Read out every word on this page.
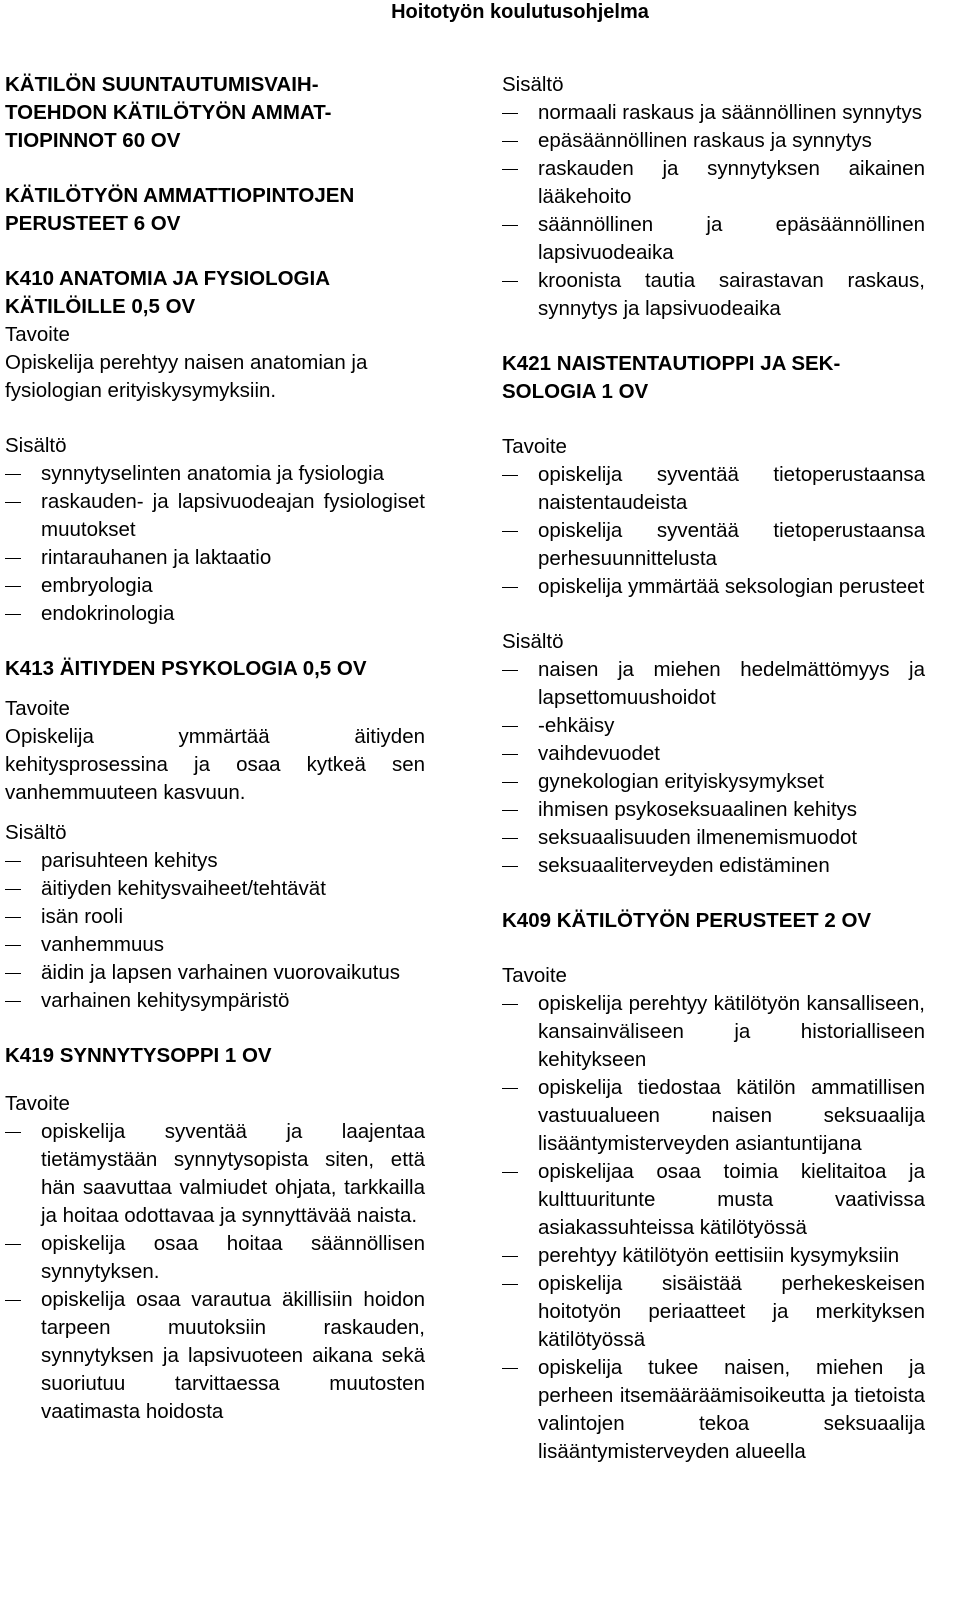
Hoitotyön koulutusohjelma
KÄTILÖN SUUNTAUTUMISVAIH-
TOEHDON KÄTILÖTYÖN AMMAT-
TIOPINNOT 60 OV
KÄTILÖTYÖN AMMATTIOPINTOJEN
PERUSTEET 6 OV
K410 ANATOMIA JA FYSIOLOGIA
KÄTILÖILLE 0,5 OV
Tavoite

Opiskelija perehtyy naisen anatomian ja fysiologian erityiskysymyksiin.

Sisältö
synnytyselinten anatomia ja fysiologia
raskauden- ja lapsivuodeajan fysiologiset muutokset
rintarauhanen ja laktaatio
embryologia
endokrinologia
K413 ÄITIYDEN PSYKOLOGIA 0,5 OV
Tavoite

Opiskelija ymmärtää äitiyden kehitysprosessina ja osaa kytkeä sen vanhemmuuteen kasvuun.

Sisältö
parisuhteen kehitys
äitiyden kehitysvaiheet/tehtävät
isän rooli
vanhemmuus
äidin ja lapsen varhainen vuorovaikutus
varhainen kehitysympäristö
K419 SYNNYTYSOPPI 1 OV
Tavoite
opiskelija syventää ja laajentaa tietämystään synnytysopista siten, että hän saavuttaa valmiudet ohjata, tarkkailla ja hoitaa odottavaa ja synnyttävää naista.
opiskelija osaa hoitaa säännöllisen synnytyksen.
opiskelija osaa varautua äkillisiin hoidon tarpeen muutoksiin raskauden, synnytyksen ja lapsivuoteen aikana sekä suoriutuu tarvittaessa muutosten vaatimasta hoidosta
Sisältö
normaali raskaus ja säännöllinen synnytys
epäsäännöllinen raskaus ja synnytys
raskauden ja synnytyksen aikainen lääkehoito
säännöllinen ja epäsäännöllinen lapsivuodeaika
kroonista tautia sairastavan raskaus, synnytys ja lapsivuodeaika
K421 NAISTENTAUTIOPPI JA SEK-
SOLOGIA 1 OV
Tavoite
opiskelija syventää tietoperustaansa naistentaudeista
opiskelija syventää tietoperustaansa perhesuunnittelusta
opiskelija ymmärtää seksologian perusteet
Sisältö
naisen ja miehen hedelmättömyys ja lapsettomuushoidot
-ehkäisy
vaihdevuodet
gynekologian erityiskysymykset
ihmisen psykoseksuaalinen kehitys
seksuaalisuuden ilmenemismuodot
seksuaaliterveyden edistäminen
K409 KÄTILÖTYÖN PERUSTEET 2 OV
Tavoite
opiskelija perehtyy kätilötyön kansalliseen, kansainväliseen ja historialliseen kehitykseen
opiskelija tiedostaa kätilön ammatillisen vastuualueen naisen seksuaalija lisääntymisterveyden asiantuntijana
opiskelijaa osaa toimia kielitaitoa ja kulttuuritunte musta vaativissa asiakassuhteissa kätilötyössä
perehtyy kätilötyön eettisiin kysymyksiin
opiskelija sisäistää perhekeskeisen hoitotyön periaatteet ja merkityksen kätilötyössä
opiskelija tukee naisen, miehen ja perheen itsemääräämisoikeutta ja tietoista valintojen tekoa seksuaalija lisääntymisterveyden alueella
